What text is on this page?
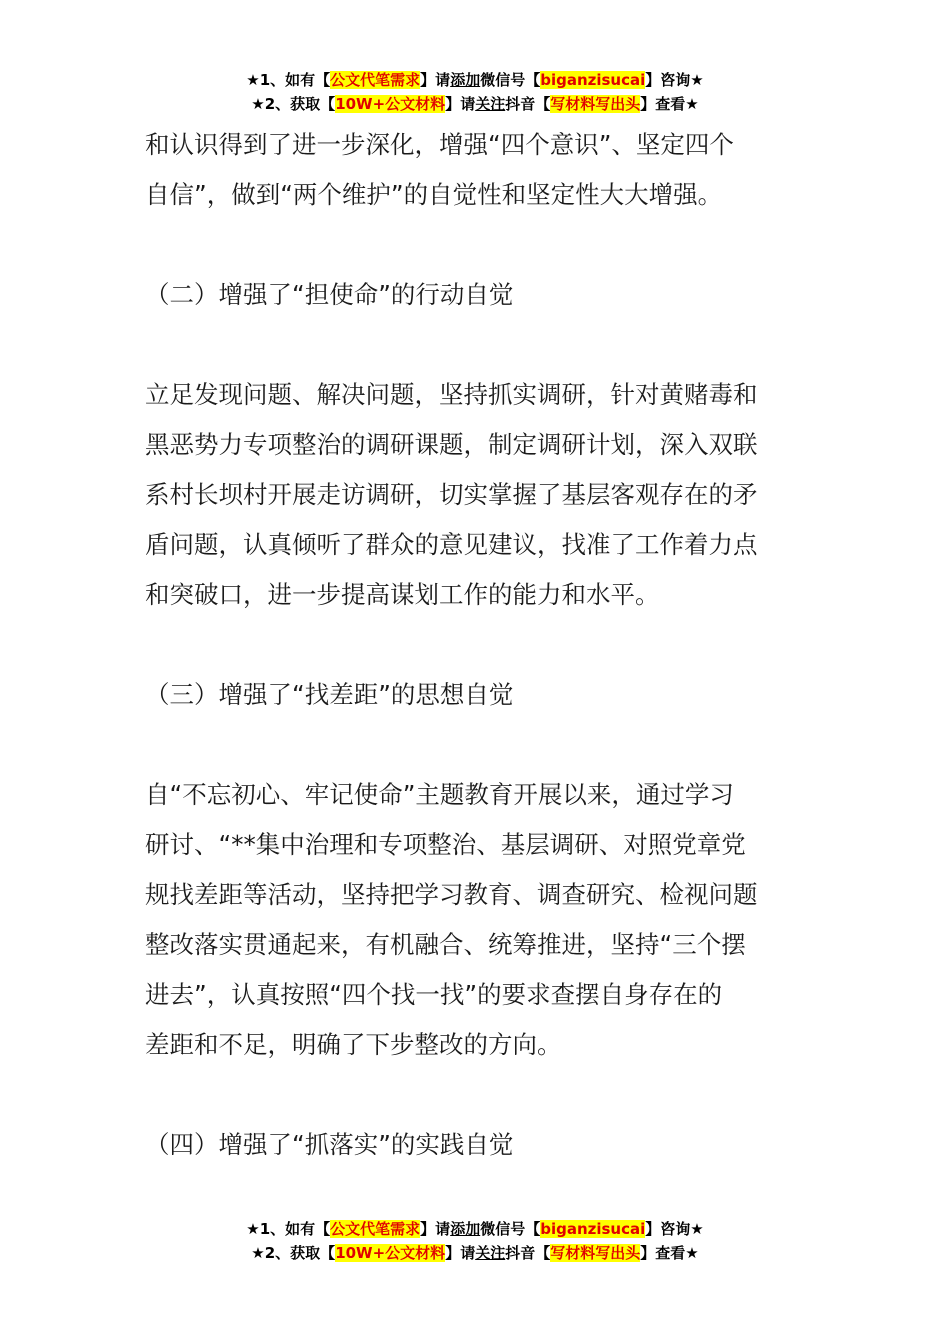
★1、如有【公文代笔需求】请添加微信号【biganzisucai】咨询★
★2、获取【10W+公文材料】请关注抖音【写材料写出头】查看★

和认识得到了进一步深化，增强“四个意识”、坚定四个
自信”，做到“两个维护”的自觉性和坚定性大大增强。

（二）增强了“担使命”的行动自觉

立足发现问题、解决问题，坚持抓实调研，针对黄赌毒和
黑恶势力专项整治的调研课题，制定调研计划，深入双联
系村长坝村开展走访调研，切实掌握了基层客观存在的矛
盾问题，认真倾听了群众的意见建议，找准了工作着力点
和突破口，进一步提高谋划工作的能力和水平。

（三）增强了“找差距”的思想自觉

自“不忘初心、牢记使命”主题教育开展以来，通过学习
研讨、“**集中治理和专项整治、基层调研、对照党章党
规找差距等活动，坚持把学习教育、调查研究、检视问题
整改落实贯通起来，有机融合、统筹推进，坚持“三个摆
进去”，认真按照“四个找一找”的要求查摆自身存在的
差距和不足，明确了下步整改的方向。

（四）增强了“抓落实”的实践自觉

★1、如有【公文代笔需求】请添加微信号【biganzisucai】咨询★
★2、获取【10W+公文材料】请关注抖音【写材料写出头】查看★
